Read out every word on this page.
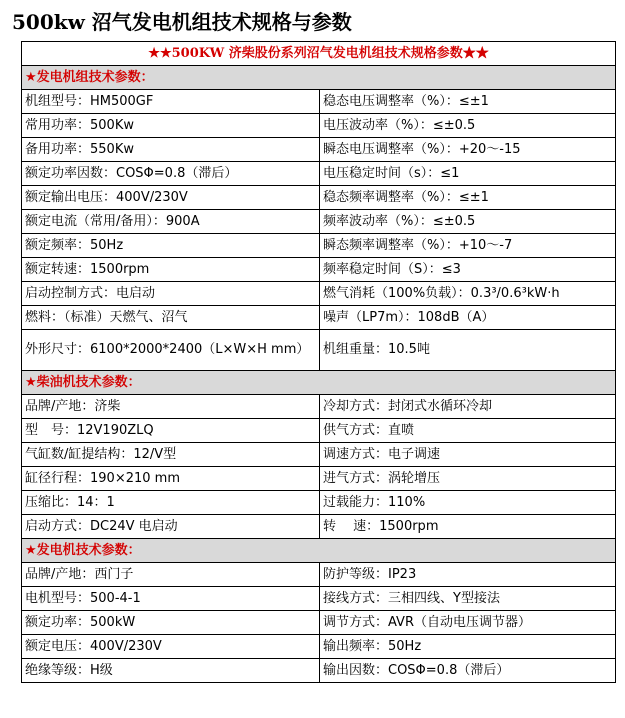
500kw 沼气发电机组技术规格与参数
★★500KW 济柴股份系列沼气发电机组技术规格参数★★	
★发电机组技术参数：	
机组型号：HM500GF	稳态电压调整率（%）：≤±1
常用功率：500Kw	电压波动率（%）：≤±0.5
备用功率：550Kw	瞬态电压调整率（%）：+20～-15
额定功率因数：COSΦ=0.8（滞后）	电压稳定时间（s）：≤1
额定输出电压：400V/230V	稳态频率调整率（%）：≤±1
额定电流（常用/备用）：900A	频率波动率（%）：≤±0.5
额定频率：50Hz	瞬态频率调整率（%）：+10～-7
额定转速：1500rpm	频率稳定时间（S）：≤3
启动控制方式：电启动	燃气消耗（100%负载）：0.3³/0.6³kW·h
燃料：（标准）天燃气、沼气	噪声（LP7m）：108dB（A）
外形尺寸：6100*2000*2400（L×W×H mm）	机组重量：10.5吨
★柴油机技术参数：	
品牌/产地：济柴	冷却方式：封闭式水循环冷却
型　号：12V190ZLQ	供气方式：直喷
气缸数/缸提结构：12/V型	调速方式：电子调速
缸径行程：190×210 mm	进气方式：涡轮增压
压缩比：14：1	过载能力：110%
启动方式：DC24V 电启动	转　 速：1500rpm
★发电机技术参数：	
品牌/产地：西门子	防护等级：IP23
电机型号：500-4-1	接线方式：三相四线、Y型接法
额定功率：500kW	调节方式：AVR（自动电压调节器）
额定电压：400V/230V	输出频率：50Hz
绝缘等级：H级	输出因数：COSΦ=0.8（滞后）
